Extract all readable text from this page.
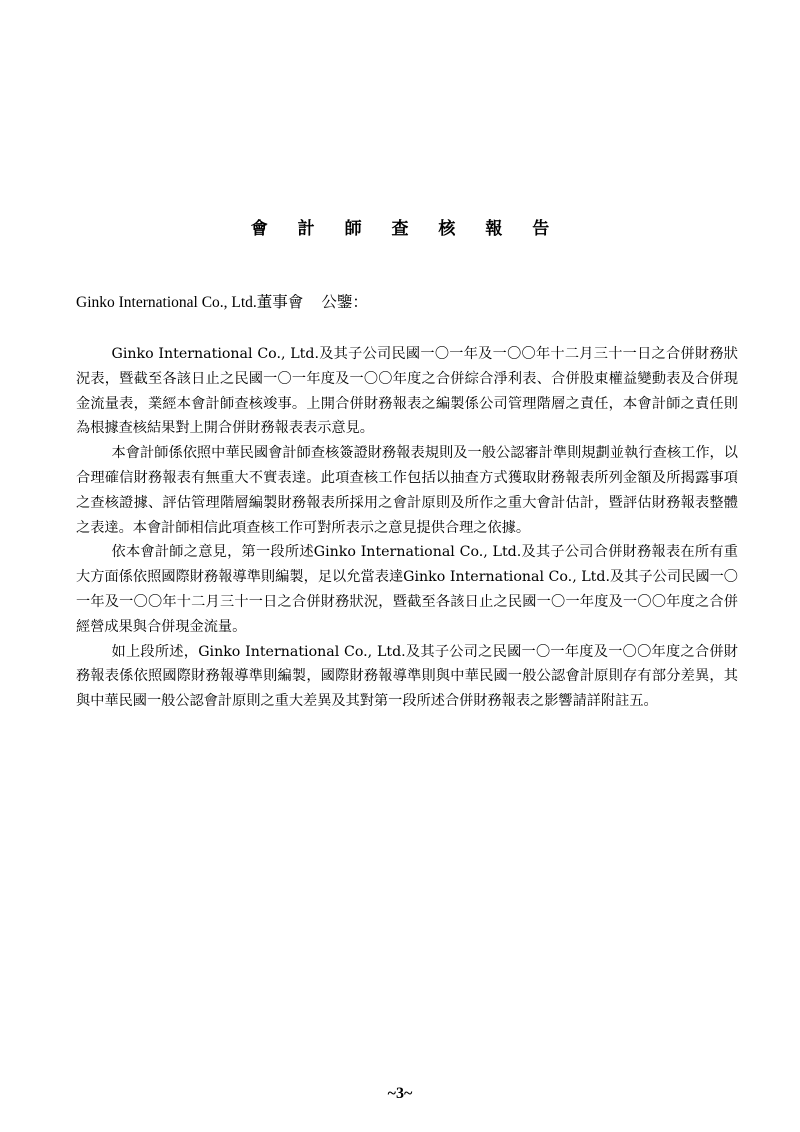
會 計 師 查 核 報 告
Ginko International Co., Ltd.董事會 公鑒：

Ginko International Co., Ltd.及其子公司民國一〇一年及一〇〇年十二月三十一日之合併財務狀況表，暨截至各該日止之民國一〇一年度及一〇〇年度之合併綜合淨利表、合併股東權益變動表及合併現金流量表，業經本會計師查核竣事。上開合併財務報表之編製係公司管理階層之責任，本會計師之責任則為根據查核結果對上開合併財務報表表示意見。

本會計師係依照中華民國會計師查核簽證財務報表規則及一般公認審計準則規劃並執行查核工作，以合理確信財務報表有無重大不實表達。此項查核工作包括以抽查方式獲取財務報表所列金額及所揭露事項之查核證據、評估管理階層編製財務報表所採用之會計原則及所作之重大會計估計，暨評估財務報表整體之表達。本會計師相信此項查核工作可對所表示之意見提供合理之依據。

依本會計師之意見，第一段所述Ginko International Co., Ltd.及其子公司合併財務報表在所有重大方面係依照國際財務報導準則編製，足以允當表達Ginko International Co., Ltd.及其子公司民國一〇一年及一〇〇年十二月三十一日之合併財務狀況，暨截至各該日止之民國一〇一年度及一〇〇年度之合併經營成果與合併現金流量。

如上段所述，Ginko International Co., Ltd.及其子公司之民國一〇一年度及一〇〇年度之合併財務報表係依照國際財務報導準則編製，國際財務報導準則與中華民國一般公認會計原則存有部分差異，其與中華民國一般公認會計原則之重大差異及其對第一段所述合併財務報表之影響請詳附註五。

~3~
